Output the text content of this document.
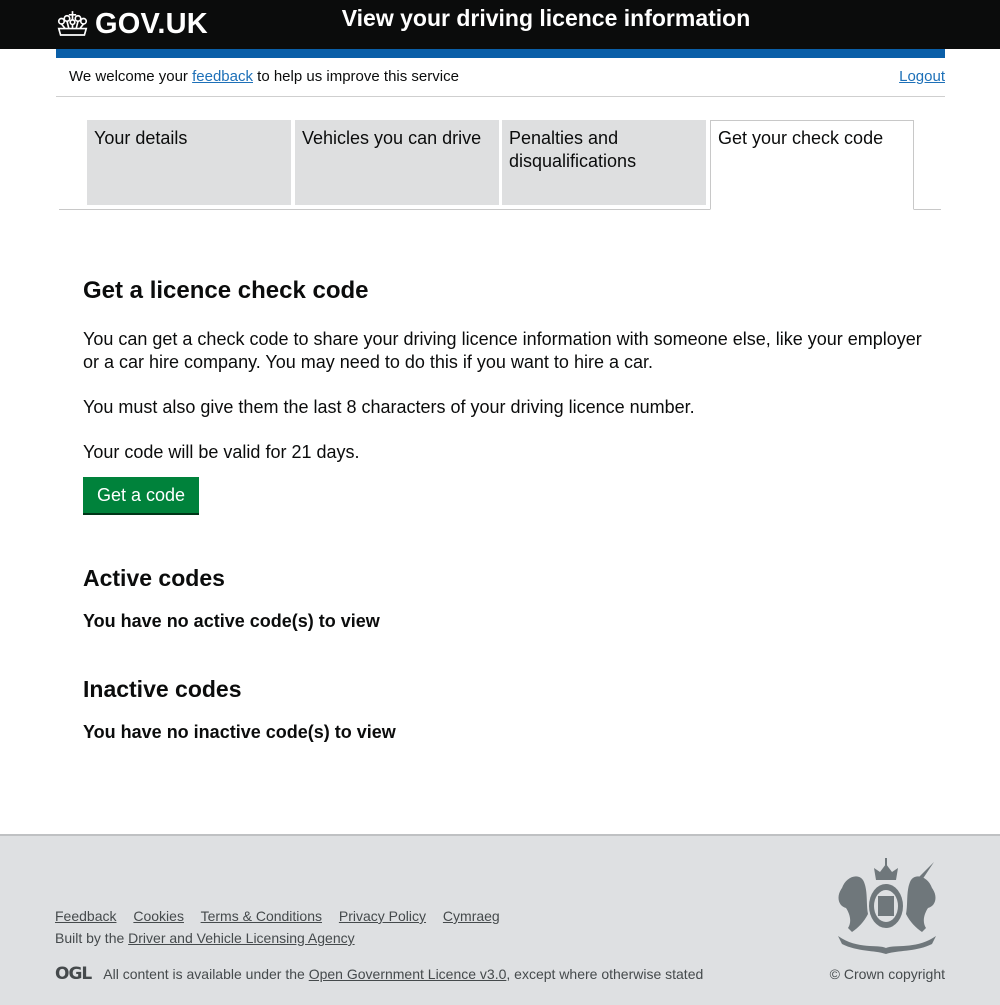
GOV.UK	View your driving licence information
We welcome your feedback to help us improve this service	Logout
Your details	Vehicles you can drive	Penalties and disqualifications
Get your check code
Get a licence check code

You can get a check code to share your driving licence information with someone else, like your employer or a car hire company. You may need to do this if you want to hire a car.

You must also give them the last 8 characters of your driving licence number.

Your code will be valid for 21 days.

Get a code
Active codes

You have no active code(s) to view

Inactive codes

You have no inactive code(s) to view

Feedback Cookies Terms & Conditions Privacy Policy Cymraeg
Built by the Driver and Vehicle Licensing Agency
OGL All content is available under the
Open Government Licence v3.0 , except where otherwise stated	© Crown copyright
